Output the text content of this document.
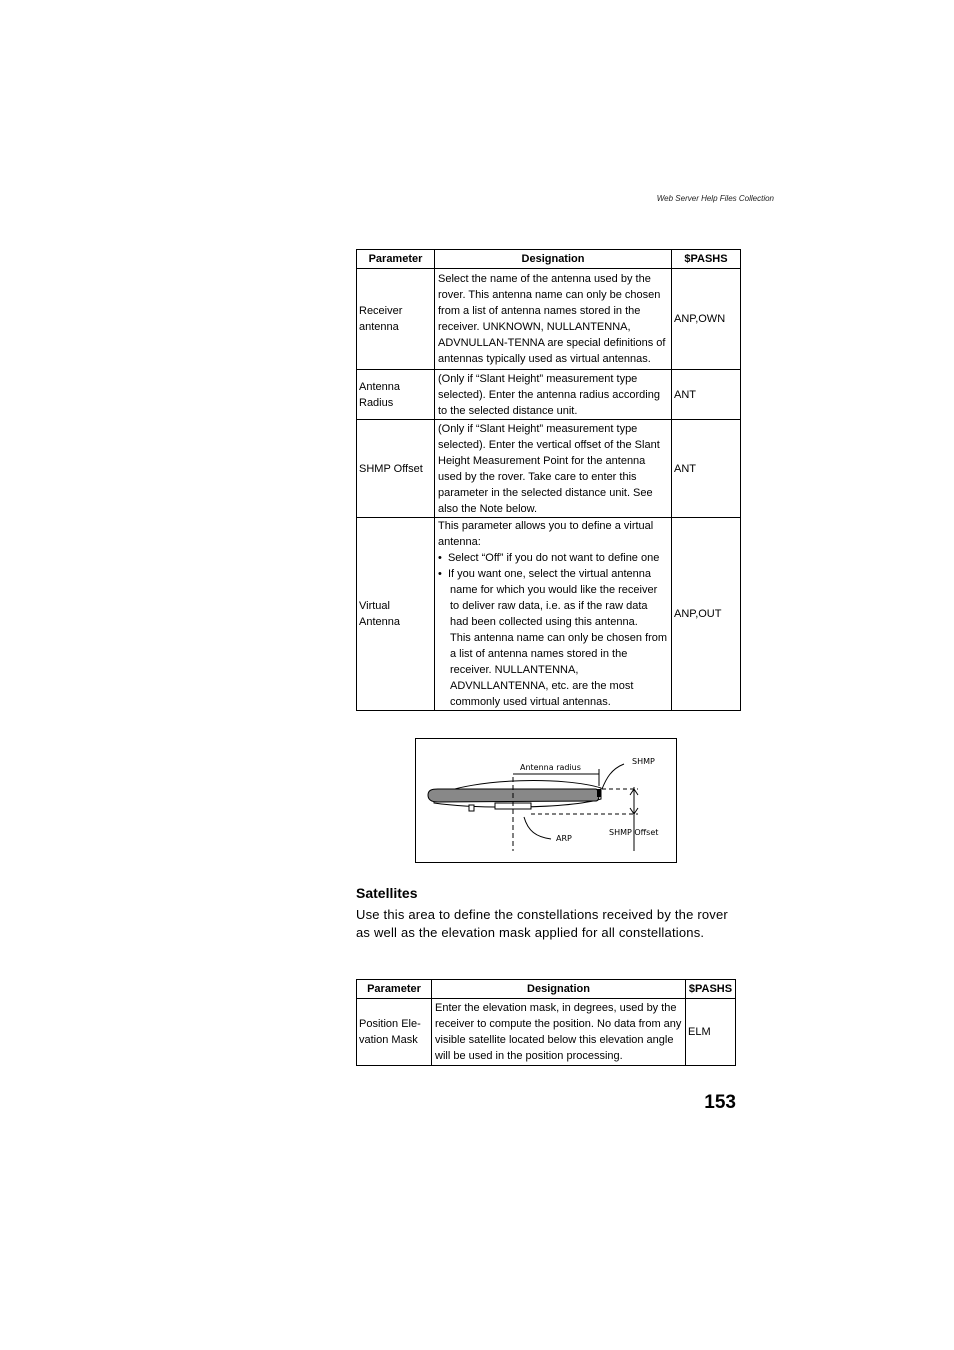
Web Server Help Files Collection
Parameter	Designation	$PASHS
Receiver antenna	Select the name of the antenna used by the rover. This antenna name can only be chosen from a list of antenna names stored in the receiver. UNKNOWN, NULLANTENNA, ADVNULLAN-TENNA are special definitions of antennas typically used as virtual antennas.	ANP,OWN
Antenna Radius	(Only if “Slant Height” measurement type selected). Enter the antenna radius according to the selected distance unit.	ANT
SHMP Offset	(Only if “Slant Height” measurement type selected). Enter the vertical offset of the Slant Height Measurement Point for the antenna used by the rover. Take care to enter this parameter in the selected distance unit. See also the Note below.	ANT
Virtual Antenna	This parameter allows you to define a virtual antenna:
•  Select “Off” if you do not want to define one
•  If you want one, select the virtual antenna name for which you would like the receiver to deliver raw data, i.e. as if the raw data had been collected using this antenna.
This antenna name can only be chosen from a list of antenna names stored in the receiver. NULLANTENNA, ADVNLLANTENNA, etc. are the most commonly used virtual antennas.	ANP,OUT
Antenna radius
SHMP
ARP
SHMP Offset
Satellites
Use this area to define the constellations received by the rover as well as the elevation mask applied for all constellations.
Parameter	Designation	$PASHS
Position Ele-vation Mask	Enter the elevation mask, in degrees, used by the receiver to compute the position. No data from any visible satellite located below this elevation angle will be used in the position processing.	ELM
153
